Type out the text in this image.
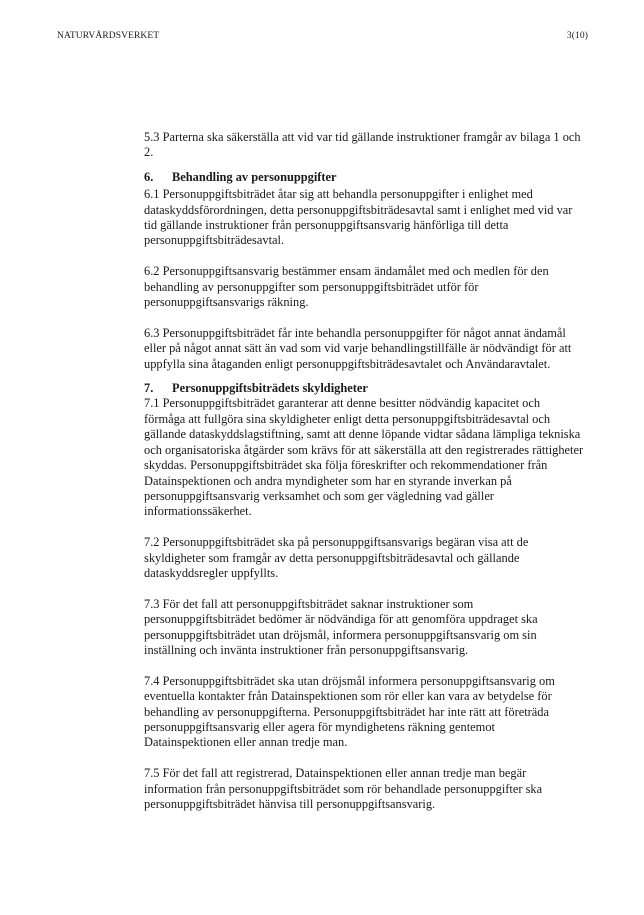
NATURVÅRDSVERKET	3(10)

5.3 Parterna ska säkerställa att vid var tid gällande instruktioner framgår av bilaga 1 och 2.

6.	Behandling av personuppgifter

6.1 Personuppgiftsbiträdet åtar sig att behandla personuppgifter i enlighet med dataskyddsförordningen, detta personuppgiftsbiträdesavtal samt i enlighet med vid var tid gällande instruktioner från personuppgiftsansvarig hänförliga till detta personuppgiftsbiträdesavtal.

6.2 Personuppgiftsansvarig bestämmer ensam ändamålet med och medlen för den behandling av personuppgifter som personuppgiftsbiträdet utför för personuppgiftsansvarigs räkning.

6.3 Personuppgiftsbiträdet får inte behandla personuppgifter för något annat ändamål eller på något annat sätt än vad som vid varje behandlingstillfälle är nödvändigt för att uppfylla sina åtaganden enligt personuppgiftsbiträdesavtalet och Användaravtalet.

7.	Personuppgiftsbiträdets skyldigheter

7.1 Personuppgiftsbiträdet garanterar att denne besitter nödvändig kapacitet och förmåga att fullgöra sina skyldigheter enligt detta personuppgiftsbiträdesavtal och gällande dataskyddslagstiftning, samt att denne löpande vidtar sådana lämpliga tekniska och organisatoriska åtgärder som krävs för att säkerställa att den registrerades rättigheter skyddas. Personuppgiftsbiträdet ska följa föreskrifter och rekommendationer från Datainspektionen och andra myndigheter som har en styrande inverkan på personuppgiftsansvarig verksamhet och som ger vägledning vad gäller informationssäkerhet.

7.2 Personuppgiftsbiträdet ska på personuppgiftsansvarigs begäran visa att de skyldigheter som framgår av detta personuppgiftsbiträdesavtal och gällande dataskyddsregler uppfyllts.

7.3 För det fall att personuppgiftsbiträdet saknar instruktioner som personuppgiftsbiträdet bedömer är nödvändiga för att genomföra uppdraget ska personuppgiftsbiträdet utan dröjsmål, informera personuppgiftsansvarig om sin inställning och invänta instruktioner från personuppgiftsansvarig.

7.4 Personuppgiftsbiträdet ska utan dröjsmål informera personuppgiftsansvarig om eventuella kontakter från Datainspektionen som rör eller kan vara av betydelse för behandling av personuppgifterna. Personuppgiftsbiträdet har inte rätt att företräda personuppgiftsansvarig eller agera för myndighetens räkning gentemot Datainspektionen eller annan tredje man.

7.5 För det fall att registrerad, Datainspektionen eller annan tredje man begär information från personuppgiftsbiträdet som rör behandlade personuppgifter ska personuppgiftsbiträdet hänvisa till personuppgiftsansvarig.
